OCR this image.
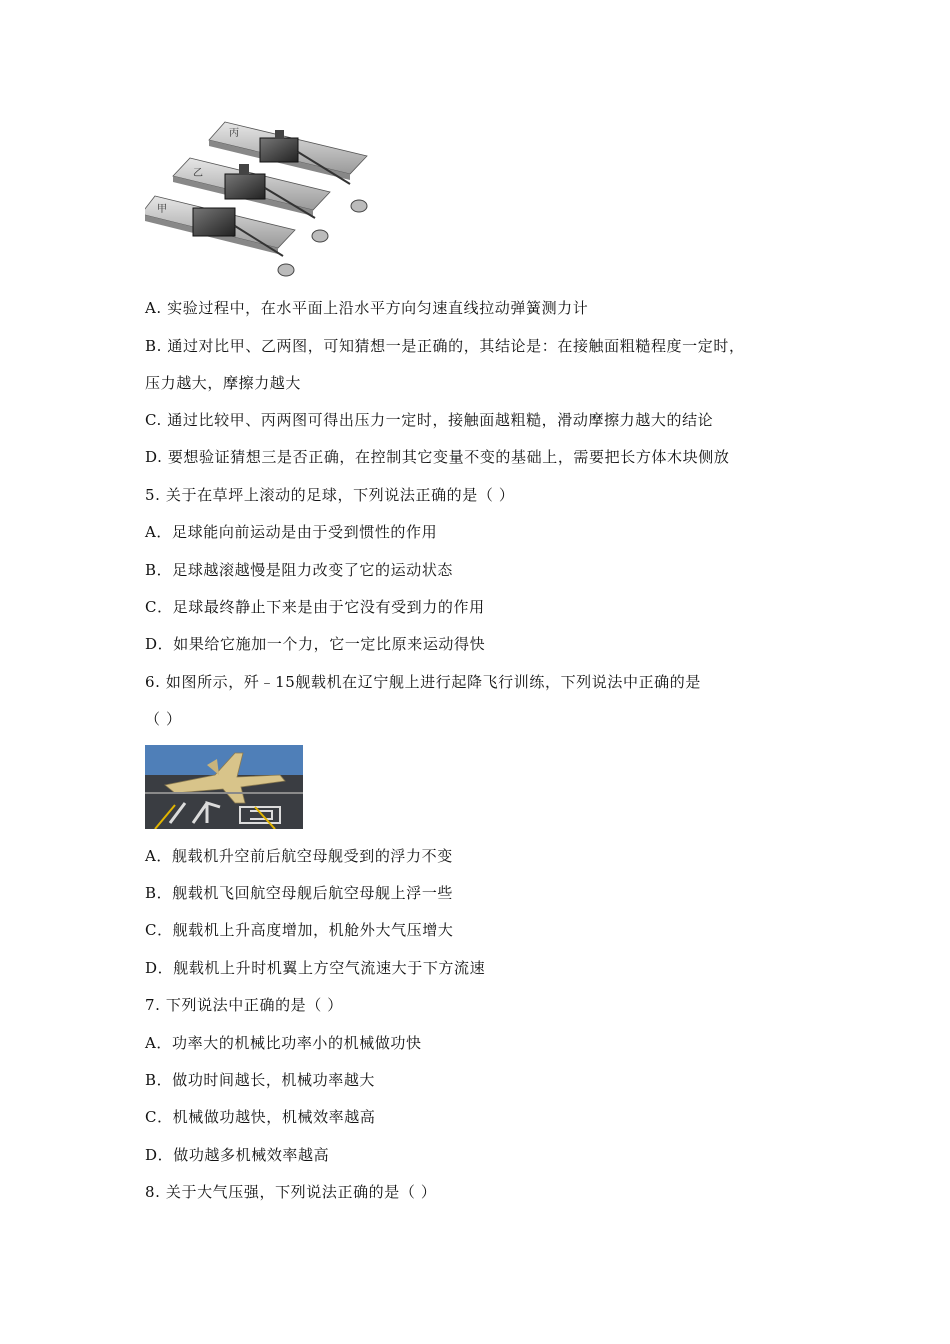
丙
乙
甲
A. 实验过程中，在水平面上沿水平方向匀速直线拉动弹簧测力计
B. 通过对比甲、乙两图，可知猜想一是正确的，其结论是：在接触面粗糙程度一定时，
压力越大，摩擦力越大
C. 通过比较甲、丙两图可得出压力一定时，接触面越粗糙，滑动摩擦力越大的结论
D. 要想验证猜想三是否正确，在控制其它变量不变的基础上，需要把长方体木块侧放
5. 关于在草坪上滚动的足球，下列说法正确的是（ ）
A．足球能向前运动是由于受到惯性的作用
B．足球越滚越慢是阻力改变了它的运动状态
C．足球最终静止下来是由于它没有受到力的作用
D．如果给它施加一个力，它一定比原来运动得快
6. 如图所示，歼﹣15舰载机在辽宁舰上进行起降飞行训练，下列说法中正确的是
（ ）
A．舰载机升空前后航空母舰受到的浮力不变
B．舰载机飞回航空母舰后航空母舰上浮一些
C．舰载机上升高度增加，机舱外大气压增大
D．舰载机上升时机翼上方空气流速大于下方流速
7. 下列说法中正确的是（ ）
A．功率大的机械比功率小的机械做功快
B．做功时间越长，机械功率越大
C．机械做功越快，机械效率越高
D．做功越多机械效率越高
8. 关于大气压强，下列说法正确的是（ ）
